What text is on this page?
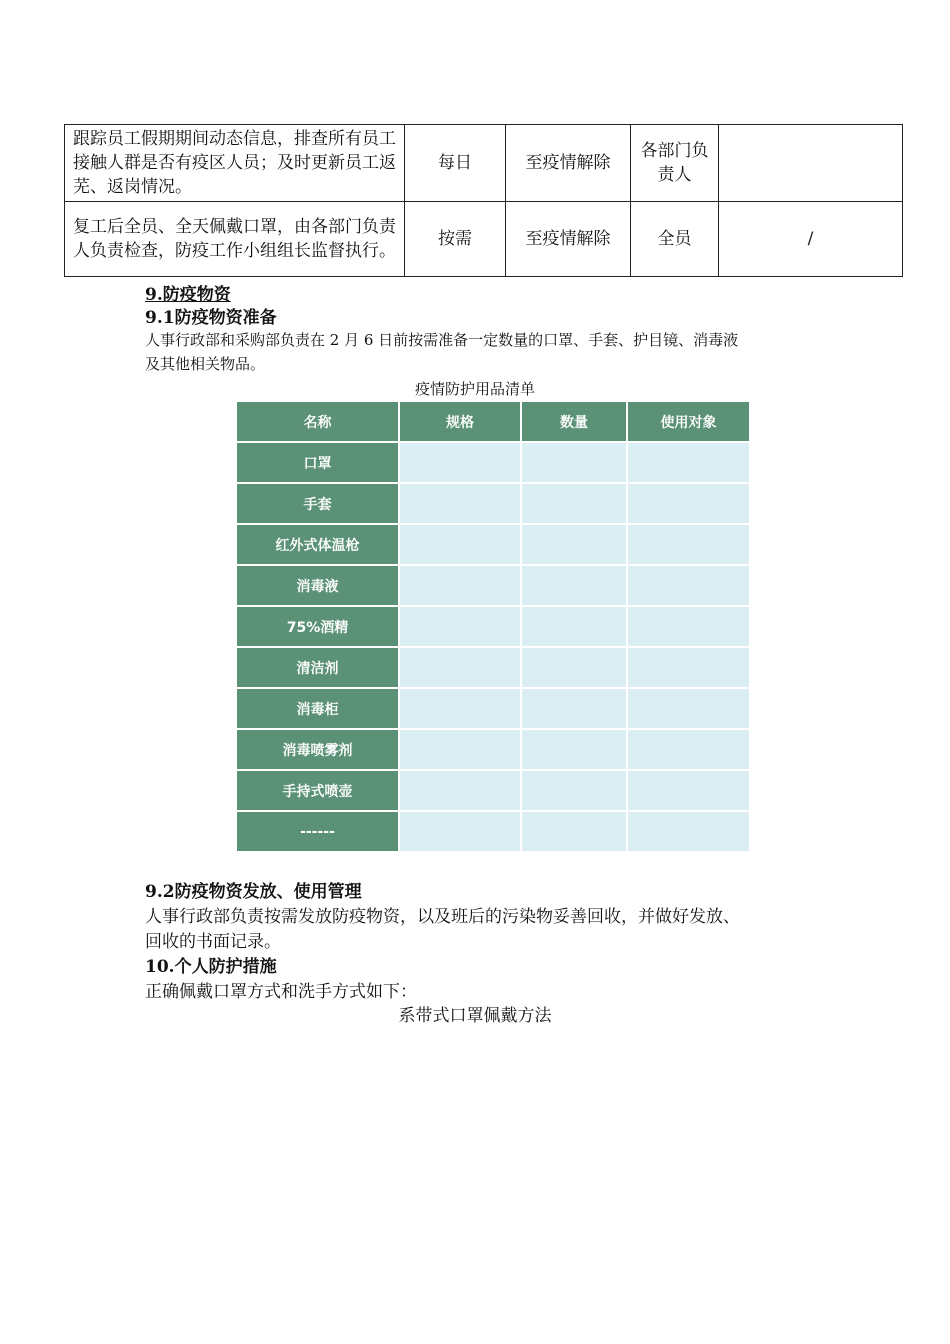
跟踪员工假期期间动态信息，排查所有员工接触人群是否有疫区人员；及时更新员工返芜、返岗情况。	每日	至疫情解除	各部门负责人	
复工后全员、全天佩戴口罩，由各部门负责人负责检查，防疫工作小组组长监督执行。	按需	至疫情解除	全员	/
9.防疫物资
9.1防疫物资准备
人事行政部和采购部负责在 2 月 6 日前按需准备一定数量的口罩、手套、护目镜、消毒液
及其他相关物品。
疫情防护用品清单
名称	规格	数量	使用对象
口罩			
手套			
红外式体温枪			
消毒液			
75%酒精			
清洁剂			
消毒柜			
消毒喷雾剂			
手持式喷壶			
------			
9.2防疫物资发放、使用管理
人事行政部负责按需发放防疫物资，以及班后的污染物妥善回收，并做好发放、
回收的书面记录。
10.个人防护措施
正确佩戴口罩方式和洗手方式如下：
系带式口罩佩戴方法
